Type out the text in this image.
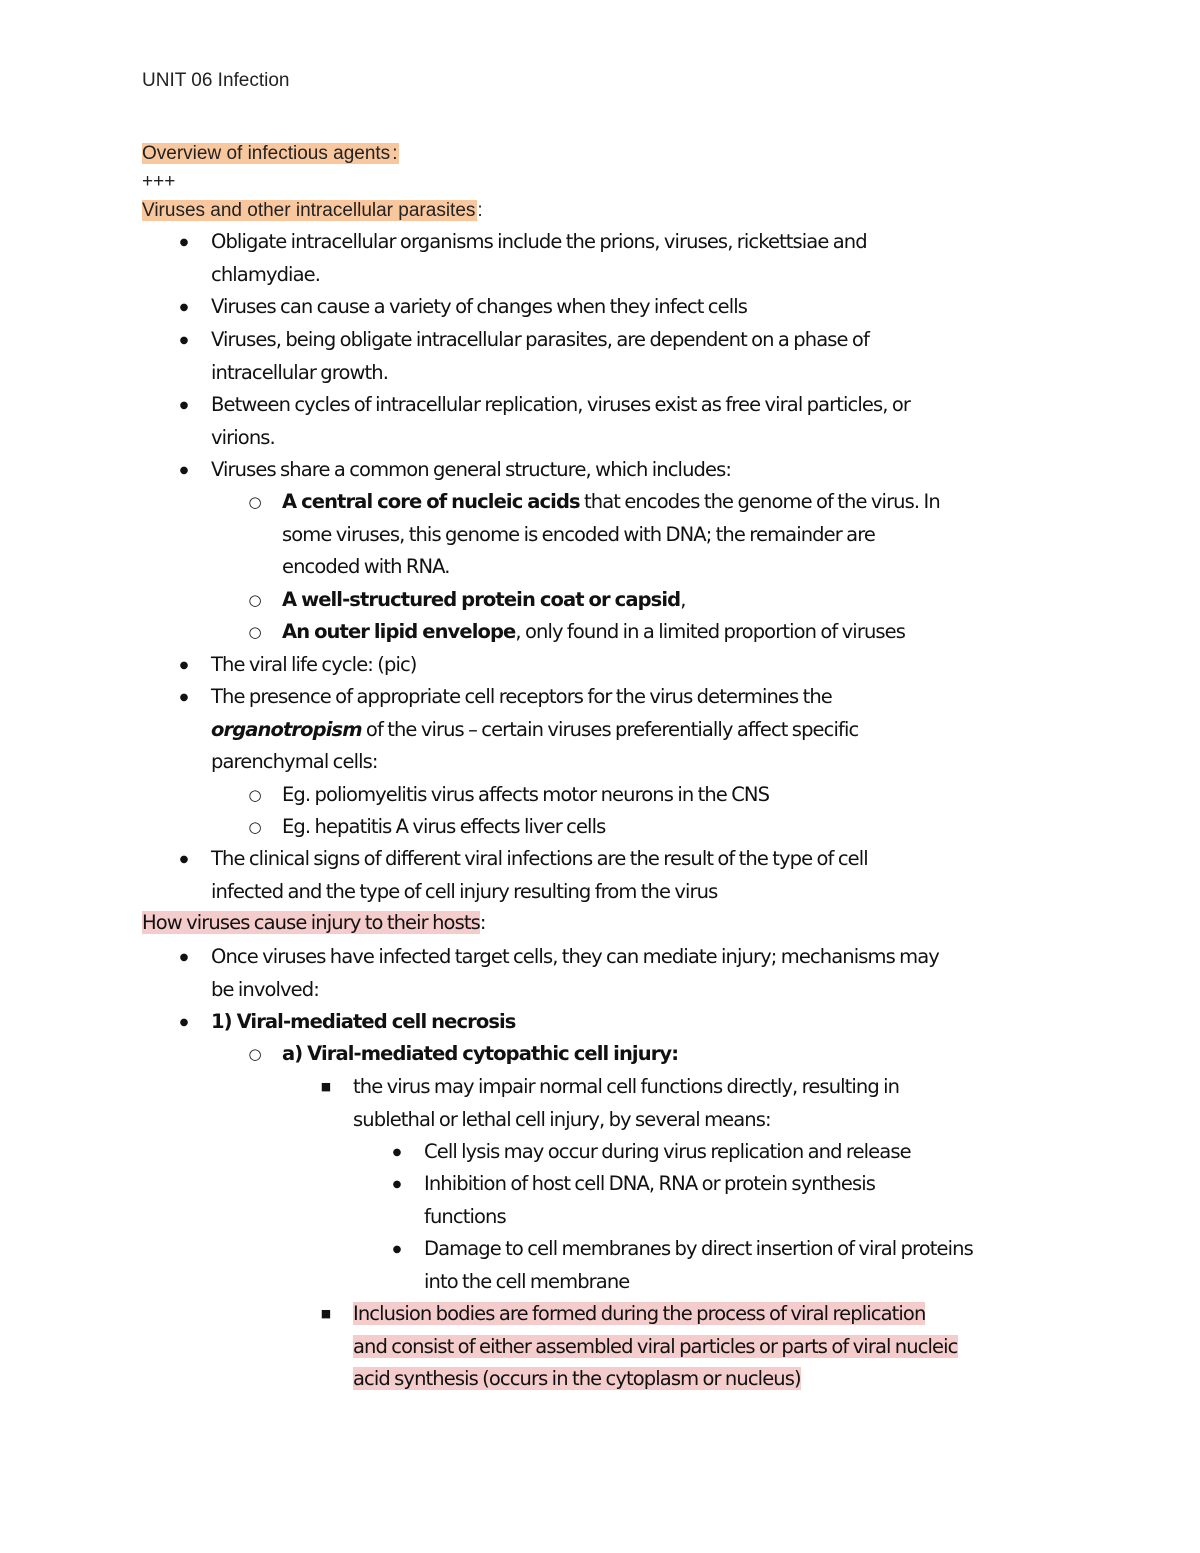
UNIT 06 Infection
Overview of infectious agents :
+++
Viruses and other intracellular parasites :
●
Obligate intracellular organisms include the prions, viruses, rickettsiae and
chlamydiae.
●
Viruses can cause a variety of changes when they infect cells
●
Viruses, being obligate intracellular parasites, are dependent on a phase of
intracellular growth.
●
Between cycles of intracellular replication, viruses exist as free viral particles, or
virions.
●
Viruses share a common general structure, which includes:
○
A central core of nucleic acids that encodes the genome of the virus. In
some viruses, this genome is encoded with DNA; the remainder are
encoded with RNA.
○
A well-structured protein coat or capsid,
○
An outer lipid envelope, only found in a limited proportion of viruses
●
The viral life cycle: (pic)
●
The presence of appropriate cell receptors for the virus determines the
organotropism of the virus – certain viruses preferentially affect specific
parenchymal cells:
○
Eg. poliomyelitis virus affects motor neurons in the CNS
○
Eg. hepatitis A virus effects liver cells
●
The clinical signs of different viral infections are the result of the type of cell
infected and the type of cell injury resulting from the virus
How viruses cause injury to their hosts:
●
Once viruses have infected target cells, they can mediate injury; mechanisms may
be involved:
●
1) Viral-mediated cell necrosis
○
a) Viral-mediated cytopathic cell injury:
■
the virus may impair normal cell functions directly, resulting in
sublethal or lethal cell injury, by several means:
●
Cell lysis may occur during virus replication and release
●
Inhibition of host cell DNA, RNA or protein synthesis
functions
●
Damage to cell membranes by direct insertion of viral proteins
into the cell membrane
■
Inclusion bodies are formed during the process of viral replication
and consist of either assembled viral particles or parts of viral nucleic
acid synthesis (occurs in the cytoplasm or nucleus)
